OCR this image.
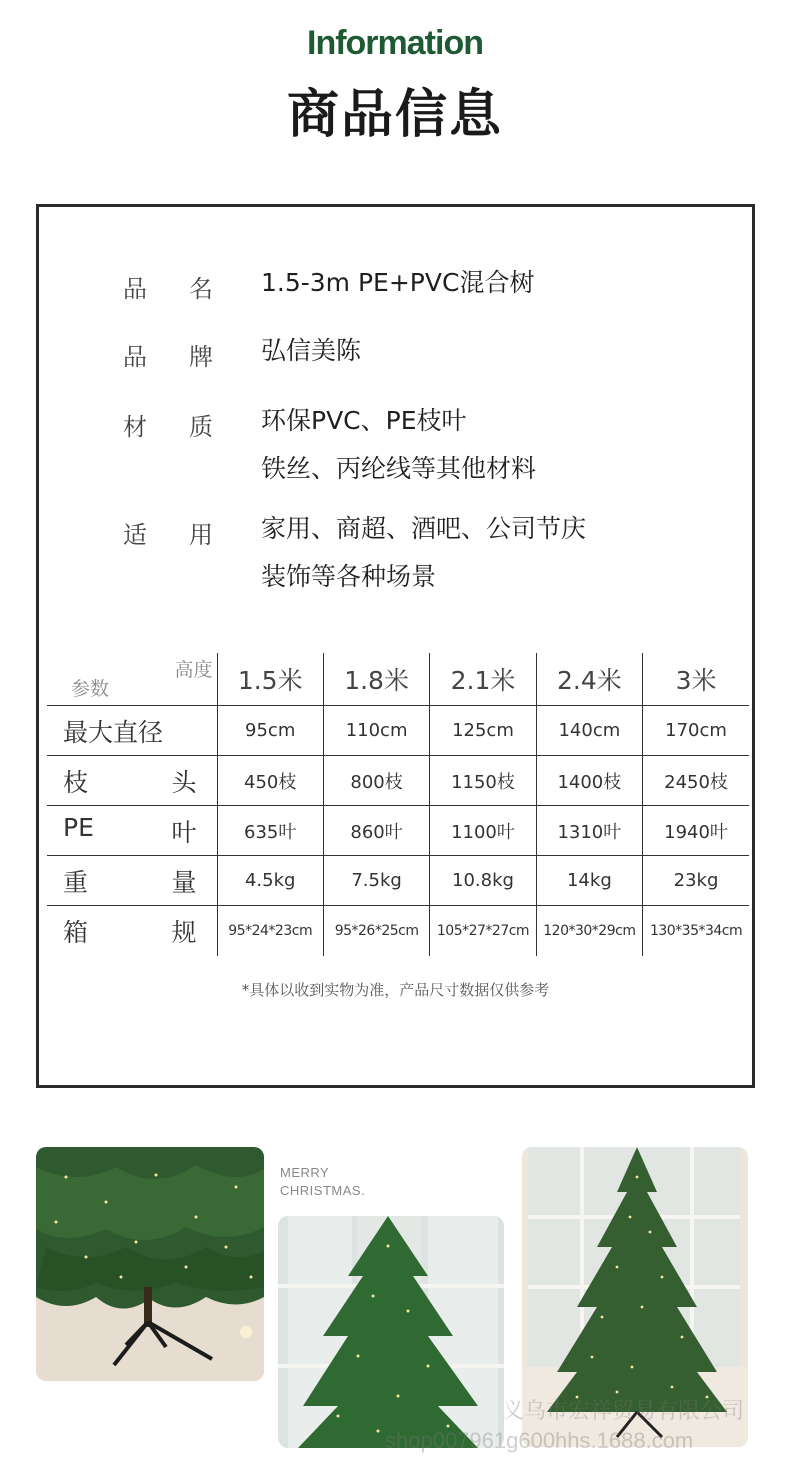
Information
商品信息
品 名 1.5-3m PE+PVC混合树
品 牌 弘信美陈
材 质 环保PVC、PE枝叶
铁丝、丙纶线等其他材料
适 用 家用、商超、酒吧、公司节庆
装饰等各种场景
高度
参数	1.5米	1.8米	2.1米	2.4米	3米

最大直径	95cm	110cm	125cm	140cm	170cm

枝 头	450枝	800枝	1150枝	1400枝	2450枝

PE 叶	635叶	860叶	1100叶	1310叶	1940叶

重 量	4.5kg	7.5kg	10.8kg	14kg	23kg

箱 规	95*24*23cm	95*26*25cm	105*27*27cm	120*30*29cm	130*35*34cm
*具体以收到实物为准，产品尺寸数据仅供参考
MERRY
CHRISTMAS.
义乌市宏祥贸易有限公司
shop007961g600hhs.1688.com
